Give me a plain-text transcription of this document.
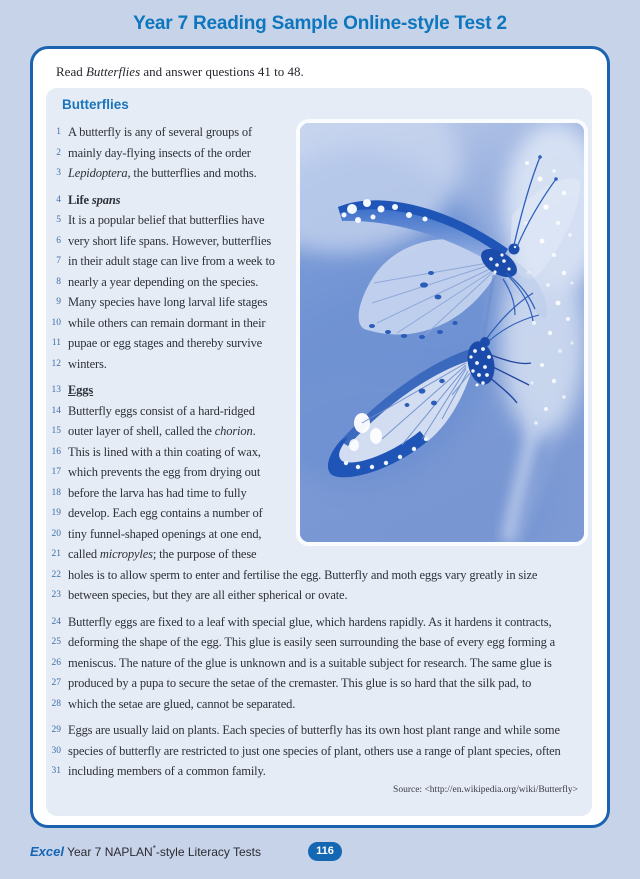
Year 7 Reading Sample Online-style Test 2
Read Butterflies and answer questions 41 to 48.
Butterflies
1 A butterfly is any of several groups of
2 mainly day-flying insects of the order
3 Lepidoptera, the butterflies and moths.
4 Life spans
5 It is a popular belief that butterflies have
6 very short life spans. However, butterflies
7 in their adult stage can live from a week to
8 nearly a year depending on the species.
9 Many species have long larval life stages
10 while others can remain dormant in their
11 pupae or egg stages and thereby survive
12 winters.
13 Eggs
14 Butterfly eggs consist of a hard-ridged
15 outer layer of shell, called the chorion.
16 This is lined with a thin coating of wax,
17 which prevents the egg from drying out
18 before the larva has had time to fully
19 develop. Each egg contains a number of
20 tiny funnel-shaped openings at one end,
21 called micropyles; the purpose of these
22 holes is to allow sperm to enter and fertilise the egg. Butterfly and moth eggs vary greatly in size
23 between species, but they are all either spherical or ovate.
24 Butterfly eggs are fixed to a leaf with special glue, which hardens rapidly. As it hardens it contracts,
25 deforming the shape of the egg. This glue is easily seen surrounding the base of every egg forming a
26 meniscus. The nature of the glue is unknown and is a suitable subject for research. The same glue is
27 produced by a pupa to secure the setae of the cremaster. This glue is so hard that the silk pad, to
28 which the setae are glued, cannot be separated.
29 Eggs are usually laid on plants. Each species of butterfly has its own host plant range and while some
30 species of butterfly are restricted to just one species of plant, others use a range of plant species, often
31 including members of a common family.
Source: <http://en.wikipedia.org/wiki/Butterfly>
Excel Year 7 NAPLAN*-style Literacy Tests	116
